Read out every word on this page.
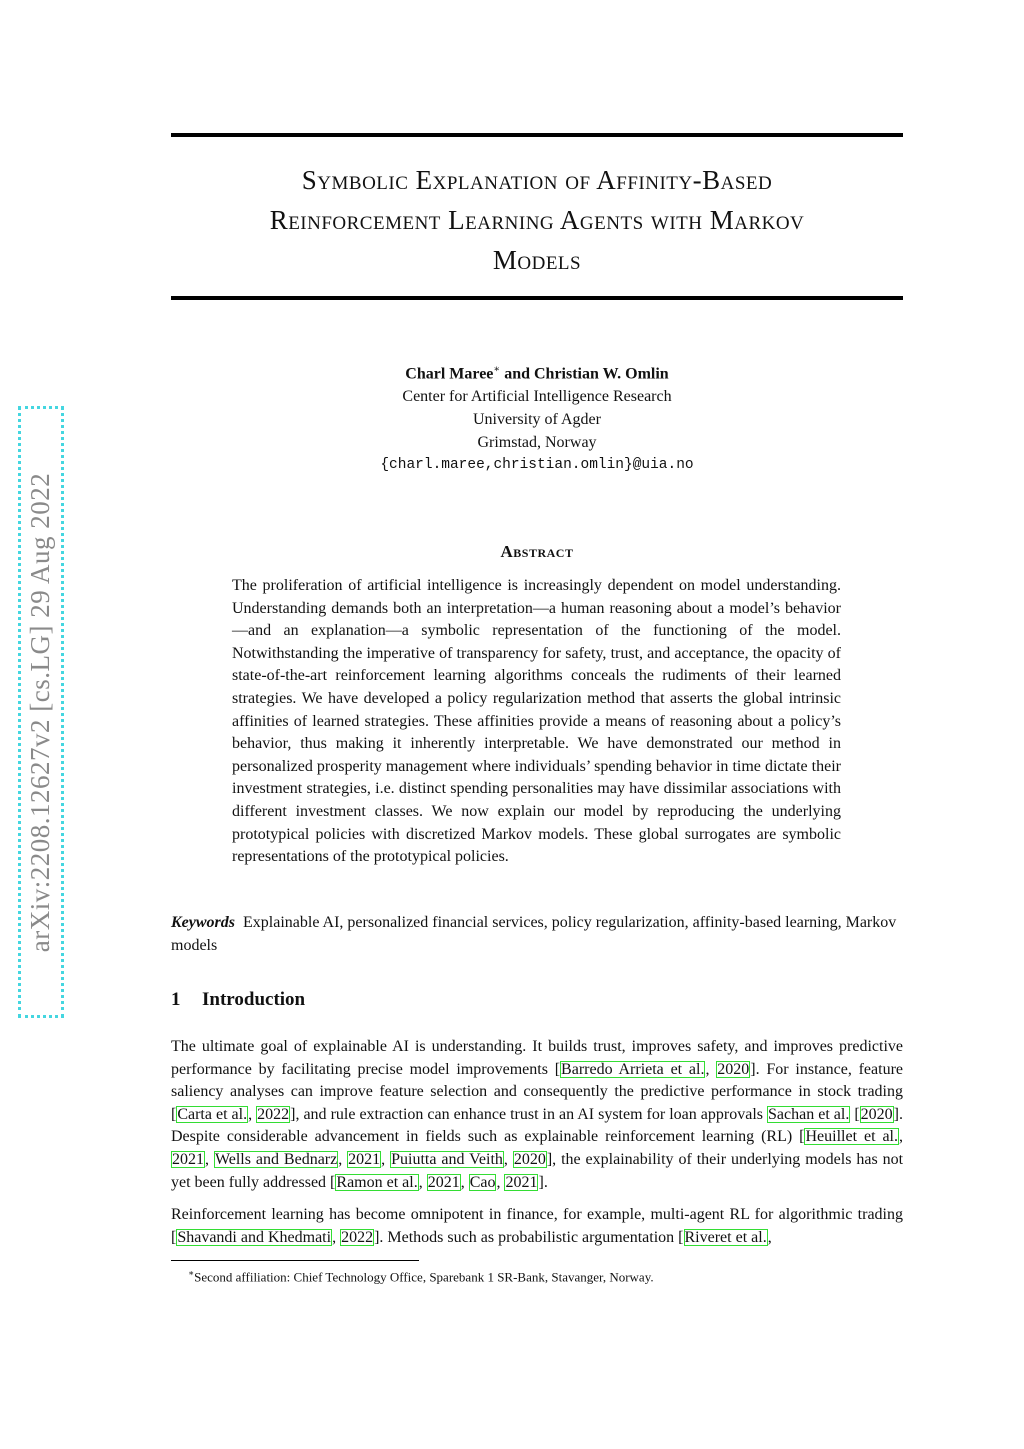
arXiv:2208.12627v2 [cs.LG] 29 Aug 2022
Symbolic Explanation of Affinity-Based
Reinforcement Learning Agents with Markov
Models
Charl Maree∗ and Christian W. Omlin
Center for Artificial Intelligence Research
University of Agder
Grimstad, Norway
{charl.maree,christian.omlin}@uia.no
Abstract
The proliferation of artificial intelligence is increasingly dependent on model understanding. Understanding demands both an interpretation—a human reasoning about a model’s behavior—and an explanation—a symbolic representation of the functioning of the model. Notwithstanding the imperative of transparency for safety, trust, and acceptance, the opacity of state-of-the-art reinforcement learning algorithms conceals the rudiments of their learned strategies. We have developed a policy regularization method that asserts the global intrinsic affinities of learned strategies. These affinities provide a means of reasoning about a policy’s behavior, thus making it inherently interpretable. We have demonstrated our method in personalized prosperity management where individuals’ spending behavior in time dictate their investment strategies, i.e. distinct spending personalities may have dissimilar associations with different investment classes. We now explain our model by reproducing the underlying prototypical policies with discretized Markov models. These global surrogates are symbolic representations of the prototypical policies.
Keywords Explainable AI, personalized financial services, policy regularization, affinity-based learning, Markov models
1 Introduction

The ultimate goal of explainable AI is understanding. It builds trust, improves safety, and improves predictive performance by facilitating precise model improvements [Barredo Arrieta et al., 2020]. For instance, feature saliency analyses can improve feature selection and consequently the predictive performance in stock trading [Carta et al., 2022], and rule extraction can enhance trust in an AI system for loan approvals Sachan et al. [2020]. Despite considerable advancement in fields such as explainable reinforcement learning (RL) [Heuillet et al., 2021, Wells and Bednarz, 2021, Puiutta and Veith, 2020], the explainability of their underlying models has not yet been fully addressed [Ramon et al., 2021, Cao, 2021].

Reinforcement learning has become omnipotent in finance, for example, multi-agent RL for algorithmic trading [Shavandi and Khedmati, 2022]. Methods such as probabilistic argumentation [Riveret et al.,

∗Second affiliation: Chief Technology Office, Sparebank 1 SR-Bank, Stavanger, Norway.
